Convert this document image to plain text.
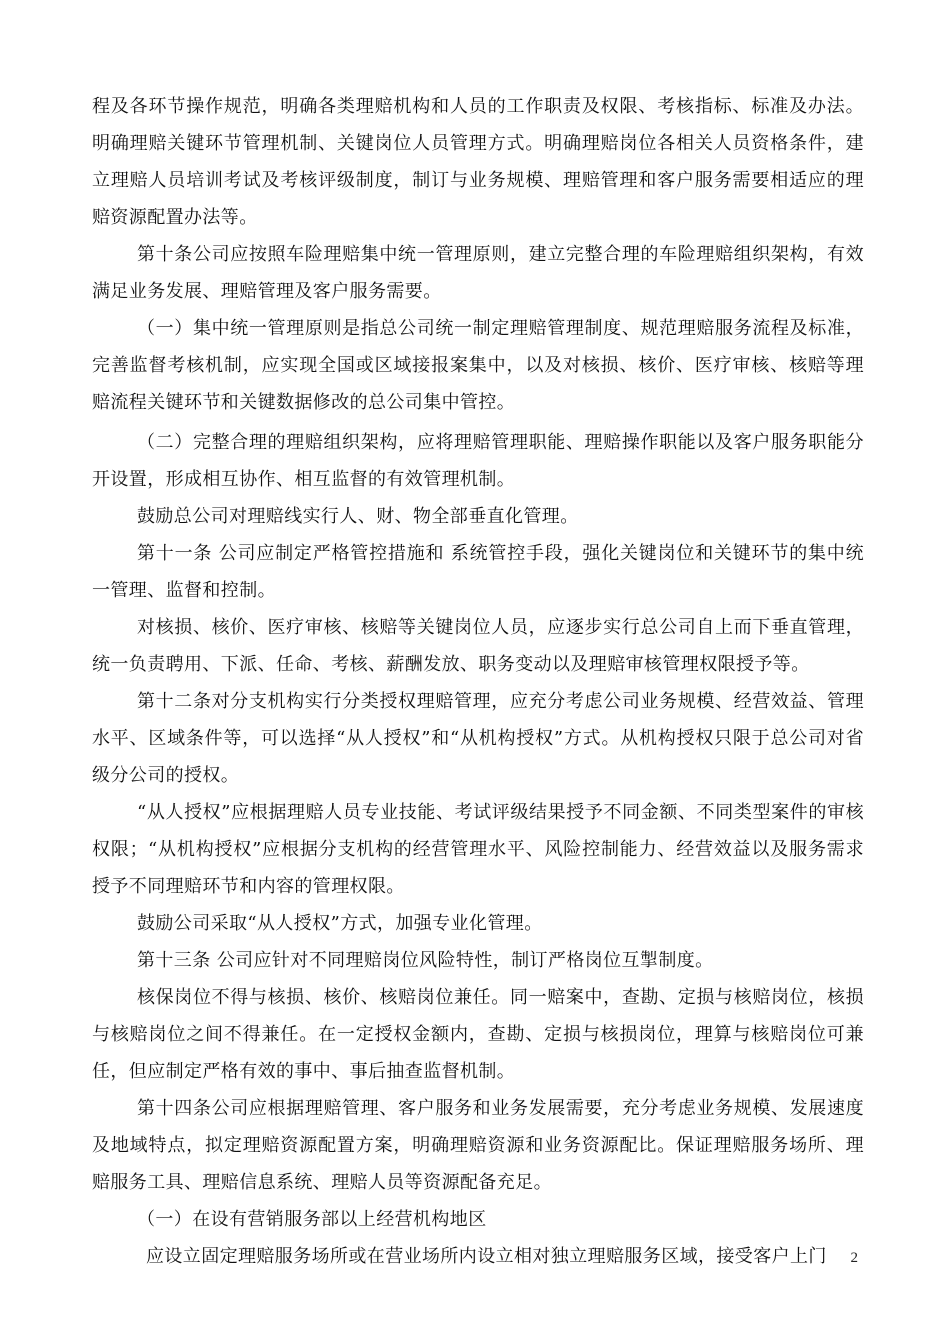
程及各环节操作规范，明确各类理赔机构和人员的工作职责及权限、考核指标、标准及办法。明确理赔关键环节管理机制、关键岗位人员管理方式。明确理赔岗位各相关人员资格条件，建立理赔人员培训考试及考核评级制度，制订与业务规模、理赔管理和客户服务需要相适应的理赔资源配置办法等。

第十条公司应按照车险理赔集中统一管理原则，建立完整合理的车险理赔组织架构，有效满足业务发展、理赔管理及客户服务需要。

（一）集中统一管理原则是指总公司统一制定理赔管理制度、规范理赔服务流程及标准，完善监督考核机制，应实现全国或区域接报案集中，以及对核损、核价、医疗审核、核赔等理赔流程关键环节和关键数据修改的总公司集中管控。

（二）完整合理的理赔组织架构，应将理赔管理职能、理赔操作职能以及客户服务职能分开设置，形成相互协作、相互监督的有效管理机制。

鼓励总公司对理赔线实行人、财、物全部垂直化管理。

第十一条 公司应制定严格管控措施和 系统管控手段，强化关键岗位和关键环节的集中统一管理、监督和控制。

对核损、核价、医疗审核、核赔等关键岗位人员，应逐步实行总公司自上而下垂直管理，统一负责聘用、下派、任命、考核、薪酬发放、职务变动以及理赔审核管理权限授予等。

第十二条对分支机构实行分类授权理赔管理，应充分考虑公司业务规模、经营效益、管理水平、区域条件等，可以选择“从人授权”和“从机构授权”方式。从机构授权只限于总公司对省级分公司的授权。

“从人授权”应根据理赔人员专业技能、考试评级结果授予不同金额、不同类型案件的审核权限；“从机构授权”应根据分支机构的经营管理水平、风险控制能力、经营效益以及服务需求授予不同理赔环节和内容的管理权限。

鼓励公司采取“从人授权”方式，加强专业化管理。

第十三条 公司应针对不同理赔岗位风险特性，制订严格岗位互掣制度。

核保岗位不得与核损、核价、核赔岗位兼任。同一赔案中，查勘、定损与核赔岗位，核损与核赔岗位之间不得兼任。在一定授权金额内，查勘、定损与核损岗位，理算与核赔岗位可兼任，但应制定严格有效的事中、事后抽查监督机制。

第十四条公司应根据理赔管理、客户服务和业务发展需要，充分考虑业务规模、发展速度及地域特点，拟定理赔资源配置方案，明确理赔资源和业务资源配比。保证理赔服务场所、理赔服务工具、理赔信息系统、理赔人员等资源配备充足。

（一）在设有营销服务部以上经营机构地区

应设立固定理赔服务场所或在营业场所内设立相对独立理赔服务区域，接受客户上门	2
